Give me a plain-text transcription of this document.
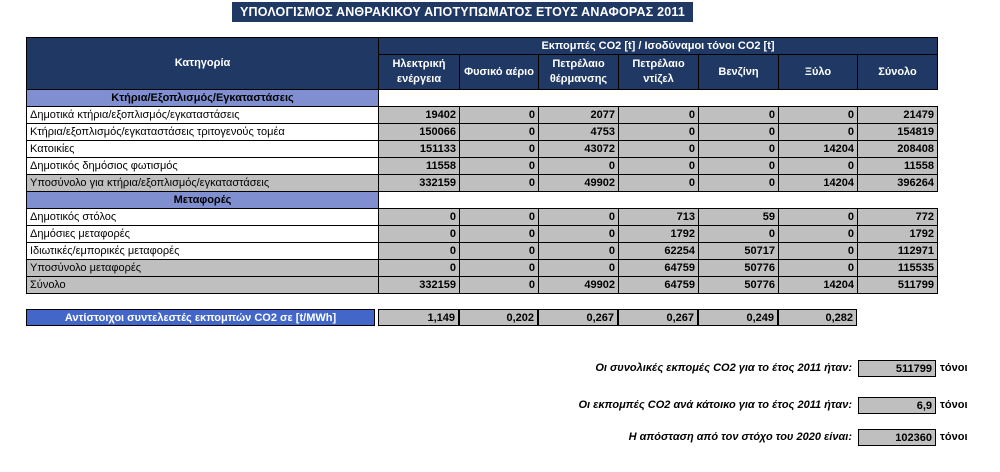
ΥΠΟΛΟΓΙΣΜΟΣ ΑΝΘΡΑΚΙΚΟΥ ΑΠΟΤΥΠΩΜΑΤΟΣ ΕΤΟΥΣ ΑΝΑΦΟΡΑΣ 2011
Κατηγορία	Εκπομπές CO2 [t] / Ισοδύναμοι τόνοι CO2 [t]						
	Ηλεκτρική ενέργεια	Φυσικό αέριο	Πετρέλαιο θέρμανσης	Πετρέλαιο ντίζελ	Βενζίνη	Ξύλο	Σύνολο
Κτήρια/Εξοπλισμός/Εγκαταστάσεις							
Δημοτικά κτήρια/εξοπλισμός/εγκαταστάσεις	19402	0	2077	0	0	0	21479
Κτήρια/εξοπλισμός/εγκαταστάσεις τριτογενούς τομέα	150066	0	4753	0	0	0	154819
Κατοικίες	151133	0	43072	0	0	14204	208408
Δημοτικός δημόσιος φωτισμός	11558	0	0	0	0	0	11558
Υποσύνολο για κτήρια/εξοπλισμός/εγκαταστάσεις	332159	0	49902	0	0	14204	396264
Μεταφορές							
Δημοτικός στόλος	0	0	0	713	59	0	772
Δημόσιες μεταφορές	0	0	0	1792	0	0	1792
Ιδιωτικές/εμπορικές μεταφορές	0	0	0	62254	50717	0	112971
Υποσύνολο μεταφορές	0	0	0	64759	50776	0	115535
Σύνολο	332159	0	49902	64759	50776	14204	511799
Αντίστοιχοι συντελεστές εκπομπών CO2 σε [t/MWh]	1,149	0,202	0,267	0,267	0,249	0,282
Οι συνολικές εκπομές CO2 για το έτος 2011 ήταν:	511799 τόνοι
Οι εκπομπές CO2 ανά κάτοικο για το έτος 2011 ήταν:	6,9 τόνοι
Η απόσταση από τον στόχο του 2020 είναι:	102360 τόνοι
